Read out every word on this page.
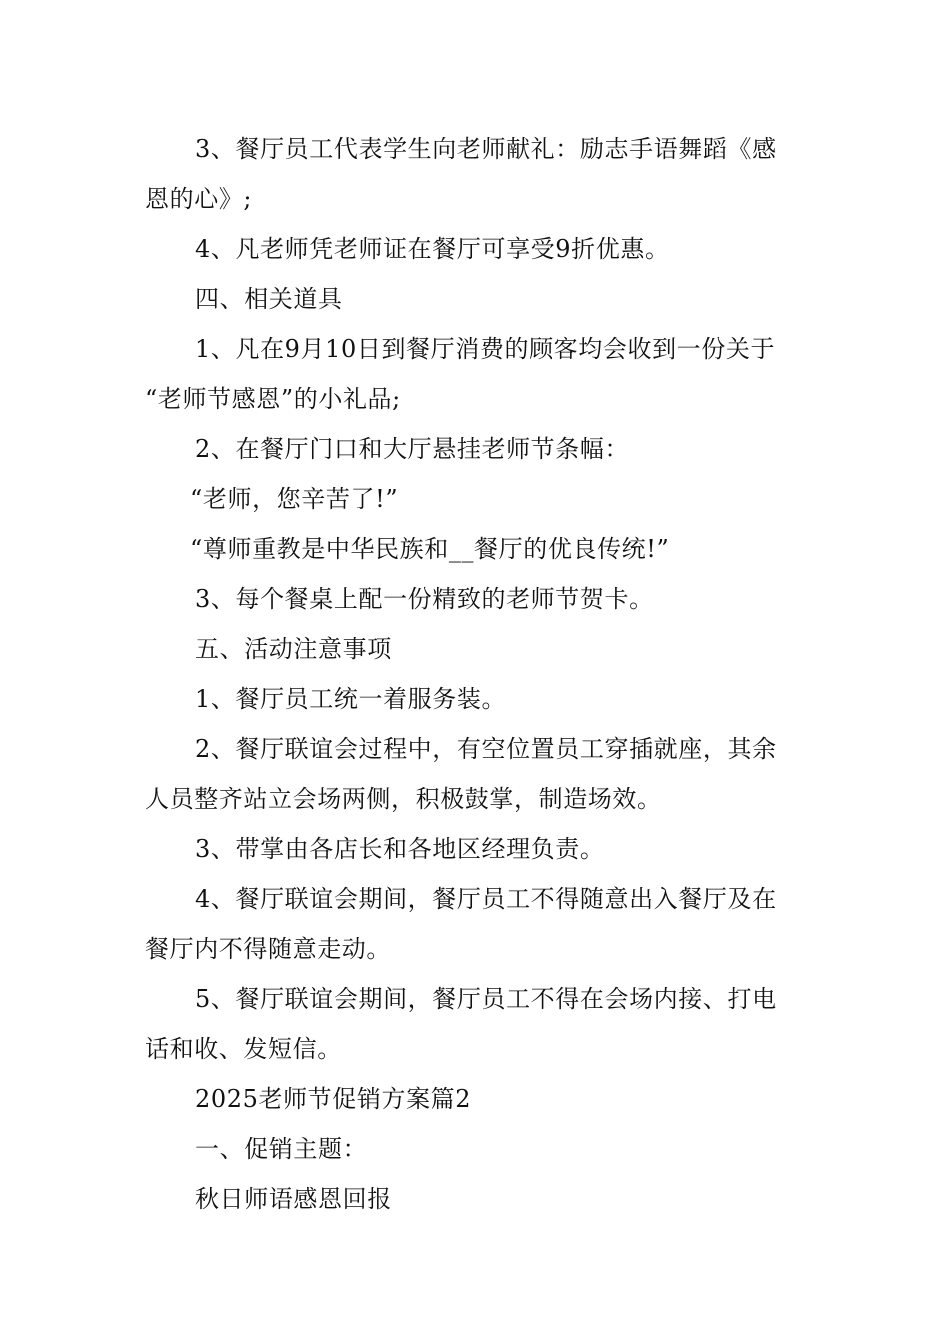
3、餐厅员工代表学生向老师献礼：励志手语舞蹈《感
恩的心》;
4、凡老师凭老师证在餐厅可享受9折优惠。
四、相关道具
1、凡在9月10日到餐厅消费的顾客均会收到一份关于
“老师节感恩”的小礼品;
2、在餐厅门口和大厅悬挂老师节条幅：
“老师，您辛苦了!”
“尊师重教是中华民族和__餐厅的优良传统!”
3、每个餐桌上配一份精致的老师节贺卡。
五、活动注意事项
1、餐厅员工统一着服务装。
2、餐厅联谊会过程中，有空位置员工穿插就座，其余
人员整齐站立会场两侧，积极鼓掌，制造场效。
3、带掌由各店长和各地区经理负责。
4、餐厅联谊会期间，餐厅员工不得随意出入餐厅及在
餐厅内不得随意走动。
5、餐厅联谊会期间，餐厅员工不得在会场内接、打电
话和收、发短信。
2025老师节促销方案篇2
一、促销主题：
秋日师语感恩回报
